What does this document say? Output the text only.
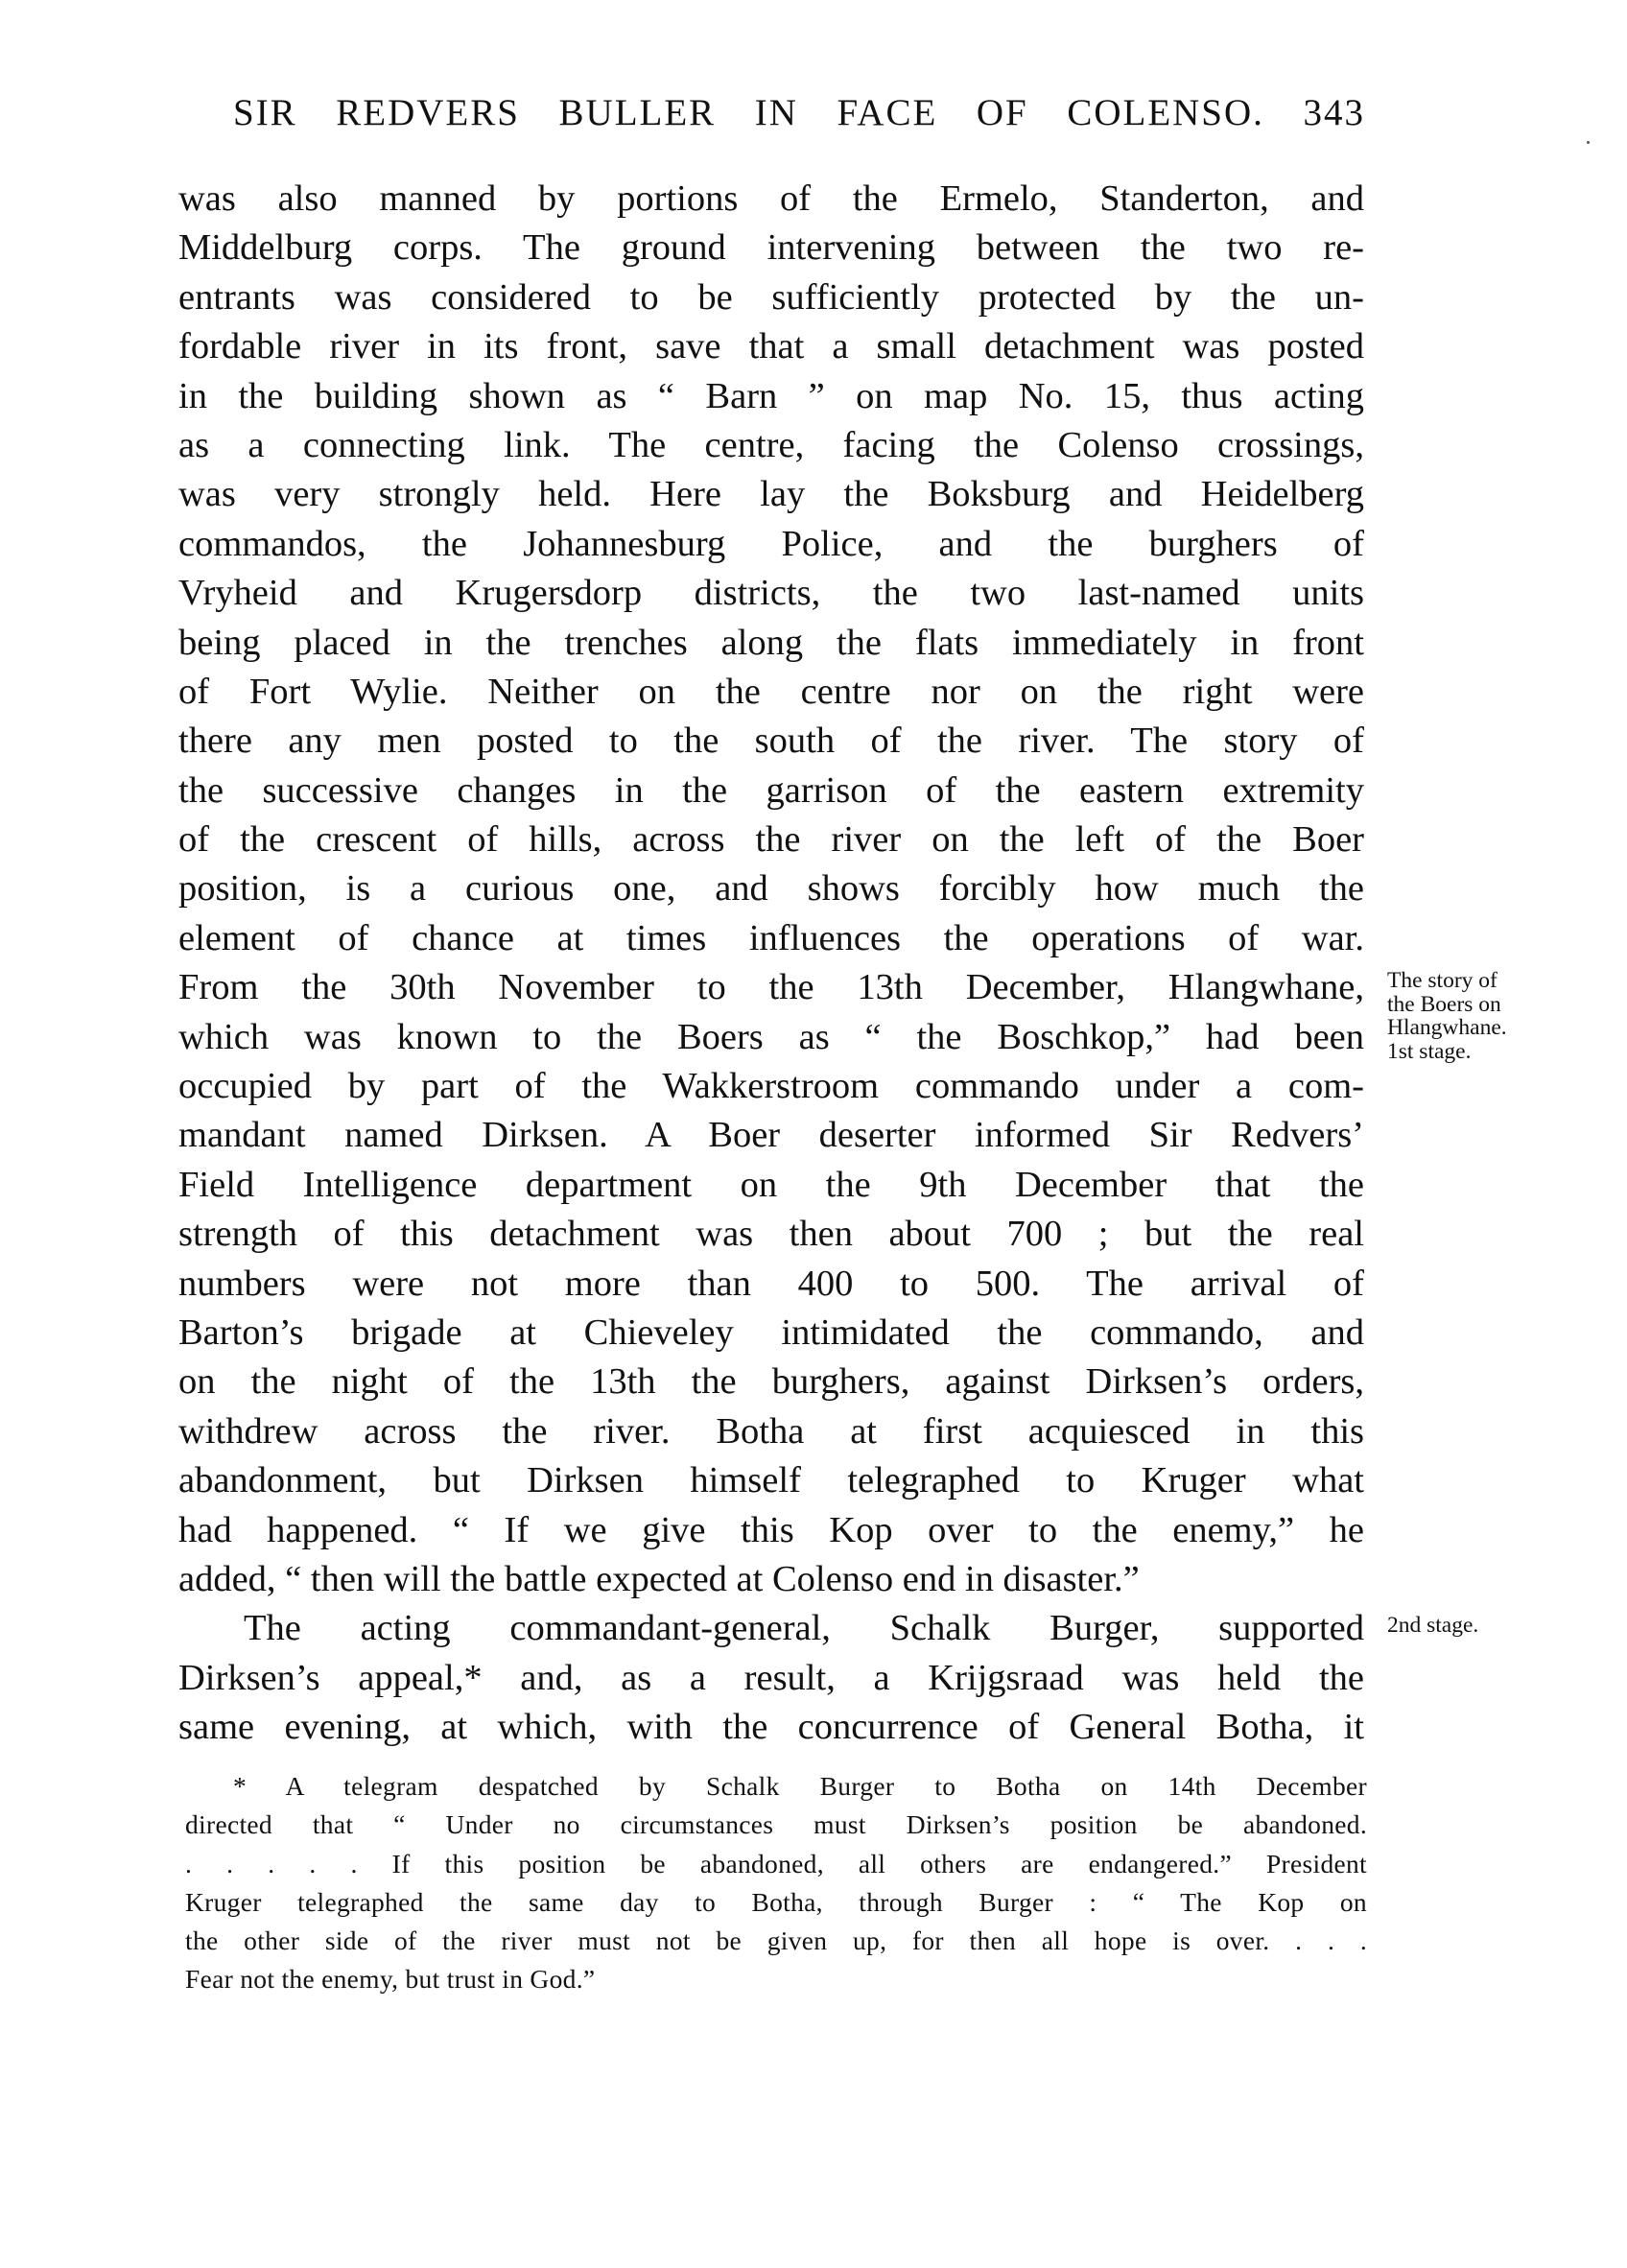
SIR REDVERS BULLER IN FACE OF COLENSO. 343
was also manned by portions of the Ermelo, Standerton, and
Middelburg corps. The ground intervening between the two re-
entrants was considered to be sufficiently protected by the un-
fordable river in its front, save that a small detachment was posted
in the building shown as “ Barn ” on map No. 15, thus acting
as a connecting link. The centre, facing the Colenso crossings,
was very strongly held. Here lay the Boksburg and Heidelberg
commandos, the Johannesburg Police, and the burghers of
Vryheid and Krugersdorp districts, the two last-named units
being placed in the trenches along the flats immediately in front
of Fort Wylie. Neither on the centre nor on the right were
there any men posted to the south of the river. The story of
the successive changes in the garrison of the eastern extremity
of the crescent of hills, across the river on the left of the Boer
position, is a curious one, and shows forcibly how much the
element of chance at times influences the operations of war.
From the 30th November to the 13th December, Hlangwhane,
which was known to the Boers as “ the Boschkop,” had been
occupied by part of the Wakkerstroom commando under a com-
mandant named Dirksen. A Boer deserter informed Sir Redvers’
Field Intelligence department on the 9th December that the
strength of this detachment was then about 700 ; but the real
numbers were not more than 400 to 500. The arrival of
Barton’s brigade at Chieveley intimidated the commando, and
on the night of the 13th the burghers, against Dirksen’s orders,
withdrew across the river. Botha at first acquiesced in this
abandonment, but Dirksen himself telegraphed to Kruger what
had happened. “ If we give this Kop over to the enemy,” he
added, “ then will the battle expected at Colenso end in disaster.”
The acting commandant-general, Schalk Burger, supported
Dirksen’s appeal,* and, as a result, a Krijgsraad was held the
same evening, at which, with the concurrence of General Botha, it
* A telegram despatched by Schalk Burger to Botha on 14th December
directed that “ Under no circumstances must Dirksen’s position be abandoned.
. . . . . If this position be abandoned, all others are endangered.” President
Kruger telegraphed the same day to Botha, through Burger : “ The Kop on
the other side of the river must not be given up, for then all hope is over. . . .
Fear not the enemy, but trust in God.”
The story of
the Boers on
Hlangwhane.
1st stage.
2nd stage.
